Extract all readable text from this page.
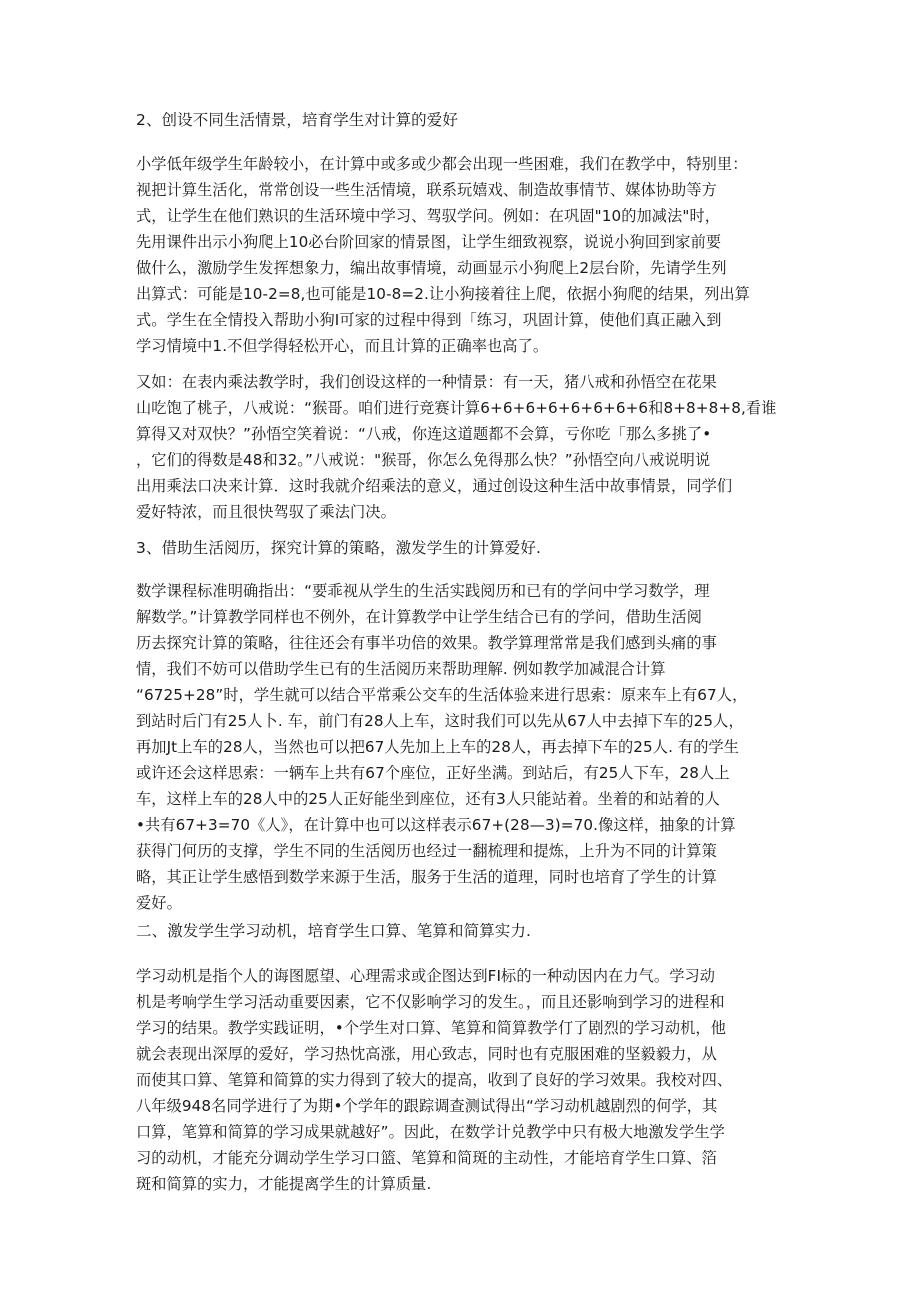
2、创设不同生活情景，培育学生对计算的爱好
小学低年级学生年龄较小，在计算中或多或少都会出现一些困难，我们在教学中，特别里：
视把计算生活化，常常创设一些生活情境，联系玩嬉戏、制造故事情节、媒体协助等方
式，让学生在他们熟识的生活环境中学习、驾驭学问。例如：在巩固"10的加减法"时，
先用课件出示小狗爬上10必台阶回家的情景图，让学生细致视察，说说小狗回到家前要
做什么，激励学生发挥想象力，编出故事情境，动画显示小狗爬上2层台阶，先请学生列
出算式：可能是10-2=8,也可能是10-8=2.让小狗接着往上爬，依据小狗爬的结果，列出算
式。学生在全情投入帮助小狗I可家的过程中得到「练习，巩固计算，使他们真正融入到
学习情境中1.不但学得轻松开心，而且计算的正确率也高了。
又如：在表内乘法教学时，我们创设这样的一种情景：有一天，猪八戒和孙悟空在花果
山吃饱了桃子，八戒说：“猴哥。咱们进行竞赛计算6+6+6+6+6+6+6+6和8+8+8+8,看谁
算得又对双快？”孙悟空笑着说：“八戒，你连这道题都不会算，亏你吃「那么多挑了•
，它们的得数是48和32。”八戒说："猴哥，你怎么免得那么快？”孙悟空向八戒说明说
出用乘法口决来计算．这时我就介绍乘法的意义，通过创设这种生活中故事情景，同学们
爱好特浓，而且很快驾驭了乘法门决。
3、借助生活阅历，探究计算的策略，激发学生的计算爱好.
数学课程标准明确指出：“要乖视从学生的生活实践阅历和已有的学问中学习数学，理
解数学。”计算教学同样也不例外，在计算教学中让学生结合已有的学问，借助生活阅
历去探究计算的策略，往往还会有事半功倍的效果。教学算理常常是我们感到头痛的事
情，我们不妨可以借助学生已有的生活阅历来帮助理解. 例如教学加减混合计算
“6725+28”时，学生就可以结合平常乘公交车的生活体验来进行思索：原来车上有67人，
到站时后门有25人卜. 车，前门有28人上车，这时我们可以先从67人中去掉下车的25人，
再加Jt上车的28人，当然也可以把67人先加上上车的28人，再去掉下车的25人. 有的学生
或许还会这样思索：一辆车上共有67个座位，正好坐满。到站后，有25人下车，28人上
车，这样上车的28人中的25人正好能坐到座位，还有3人只能站着。坐着的和站着的人
•共有67+3=70《人》，在计算中也可以这样表示67+(28—3)=70.像这样，抽象的计算
获得门何历的支撑，学生不同的生活阅历也经过一翻梳理和提炼，上升为不同的计算策
略，其正让学生感悟到数学来源于生活，服务于生活的道理，同时也培育了学生的计算
爱好。
二、激发学生学习动机，培育学生口算、笔算和简算实力.
学习动机是指个人的诲图愿望、心理需求或企图达到FI标的一种动因内在力气。学习动
机是考响学生学习活动重要因素，它不仅影响学习的发生。，而且还影响到学习的进程和
学习的结果。教学实践证明，•个学生对口算、笔算和简算教学仃了剧烈的学习动机，他
就会表现出深厚的爱好，学习热忱高涨，用心致志，同时也有克服困难的坚毅毅力，从
而使其口算、笔算和简算的实力得到了较大的提高，收到了良好的学习效果。我校对四、
八年级948名同学进行了为期•个学年的跟踪调查测试得出“学习动机越剧烈的何学，其
口算，笔算和简算的学习成果就越好”。因此，在数学计兑教学中只有极大地激发学生学
习的动机，才能充分调动学生学习口篮、笔算和简斑的主动性，才能培育学生口算、箔
斑和简算的实力，才能提离学生的计算质量.
